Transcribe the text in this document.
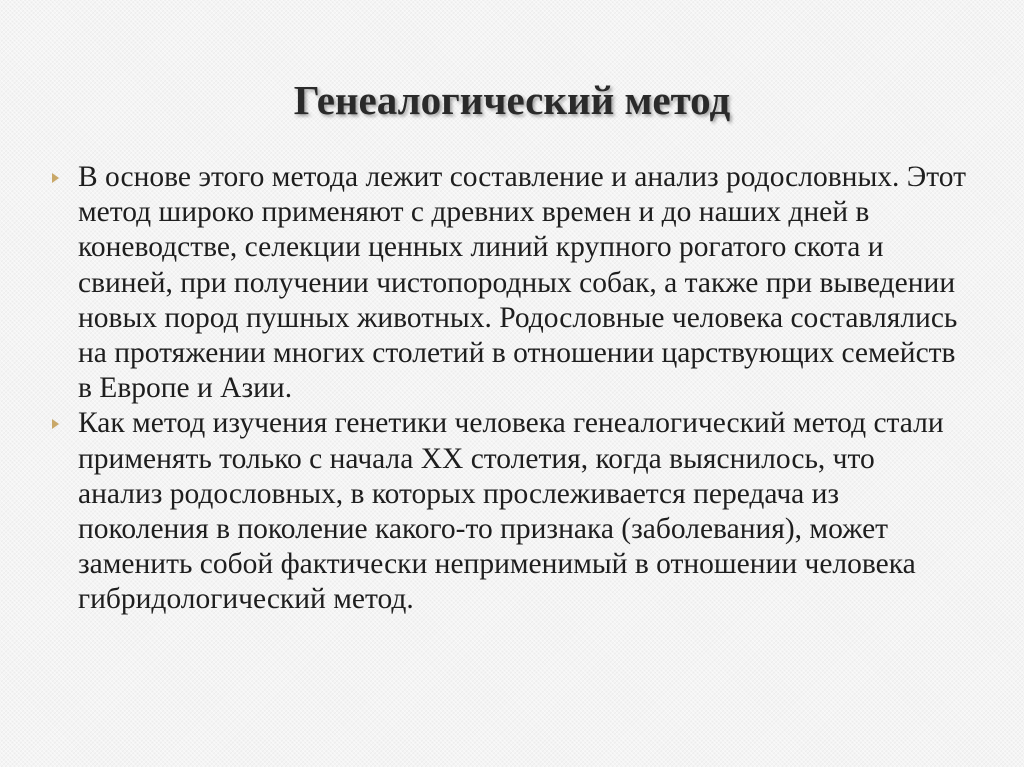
Генеалогический метод
В основе этого метода лежит составление и анализ родословных. Этот метод широко применяют с древних времен и до наших дней в коневодстве, селекции ценных линий крупного рогатого скота и свиней, при получении чистопородных собак, а также при выведении новых пород пушных животных. Родословные человека составлялись на протяжении многих столетий в отношении царствующих семейств в Европе и Азии.
Как метод изучения генетики человека генеалогический метод стали применять только с начала XX столетия, когда выяснилось, что анализ родословных, в которых прослеживается передача из поколения в поколение какого-то признака (заболевания), может заменить собой фактически неприменимый в отношении человека гибридологический метод.
